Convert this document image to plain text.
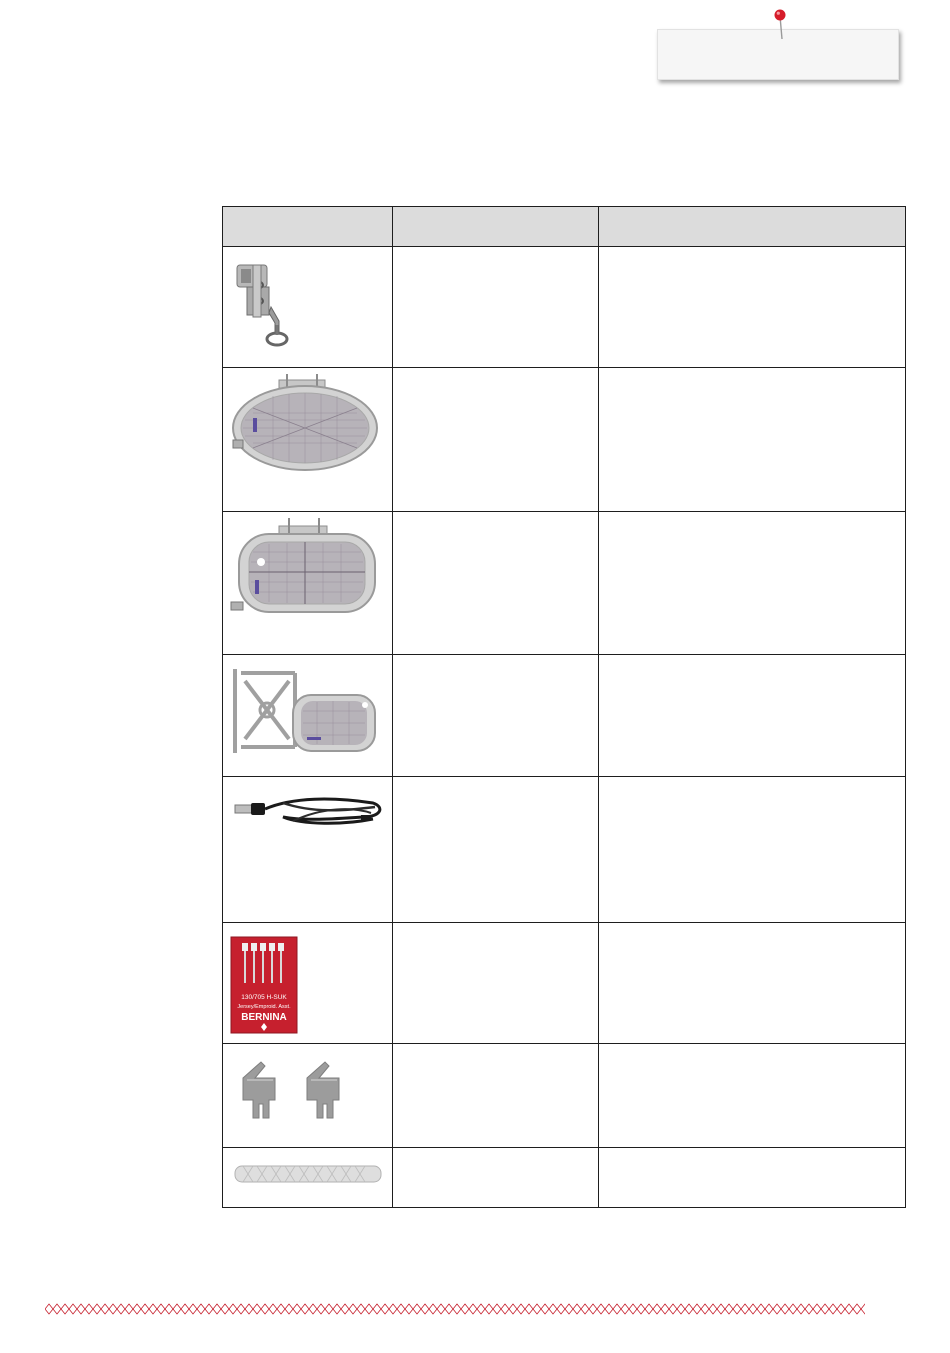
130/705 H-SUK
Jersey/Emproid. Asst.
BERNINA		
